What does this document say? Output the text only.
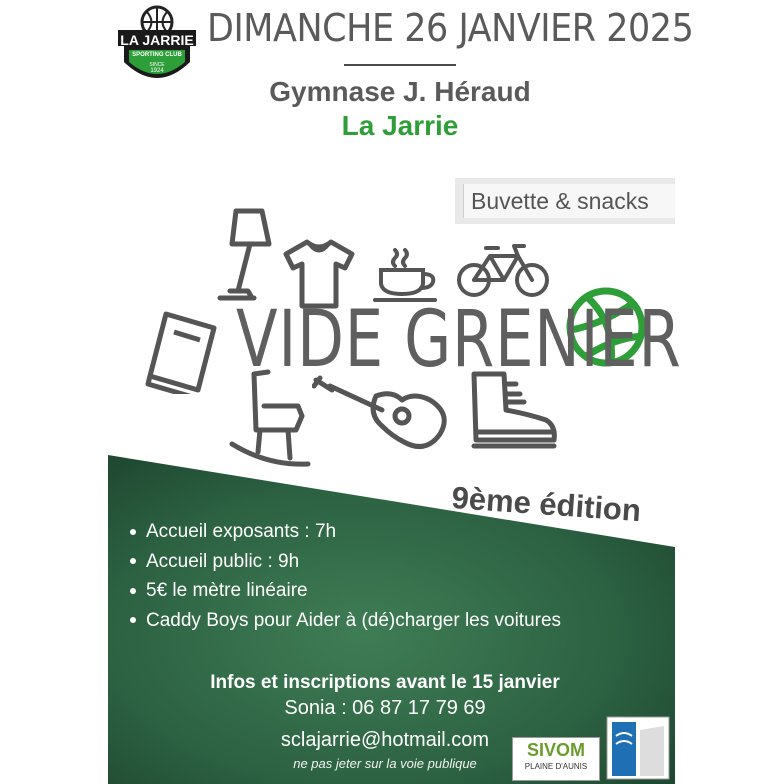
LA JARRIE
SPORTING CLUB
SINCE
1924
DIMANCHE 26 JANVIER 2025
Gymnase J. Héraud
La Jarrie
Buvette & snacks
VIDE GRENIER
9ème édition
Accueil exposants : 7h
Accueil public : 9h
5€ le mètre linéaire
Caddy Boys pour Aider à (dé)charger les voitures
Infos et inscriptions avant le 15 janvier
Sonia : 06 87 17 79 69
sclajarrie@hotmail.com
ne pas jeter sur la voie publique
SIVOM
PLAINE D'AUNIS
